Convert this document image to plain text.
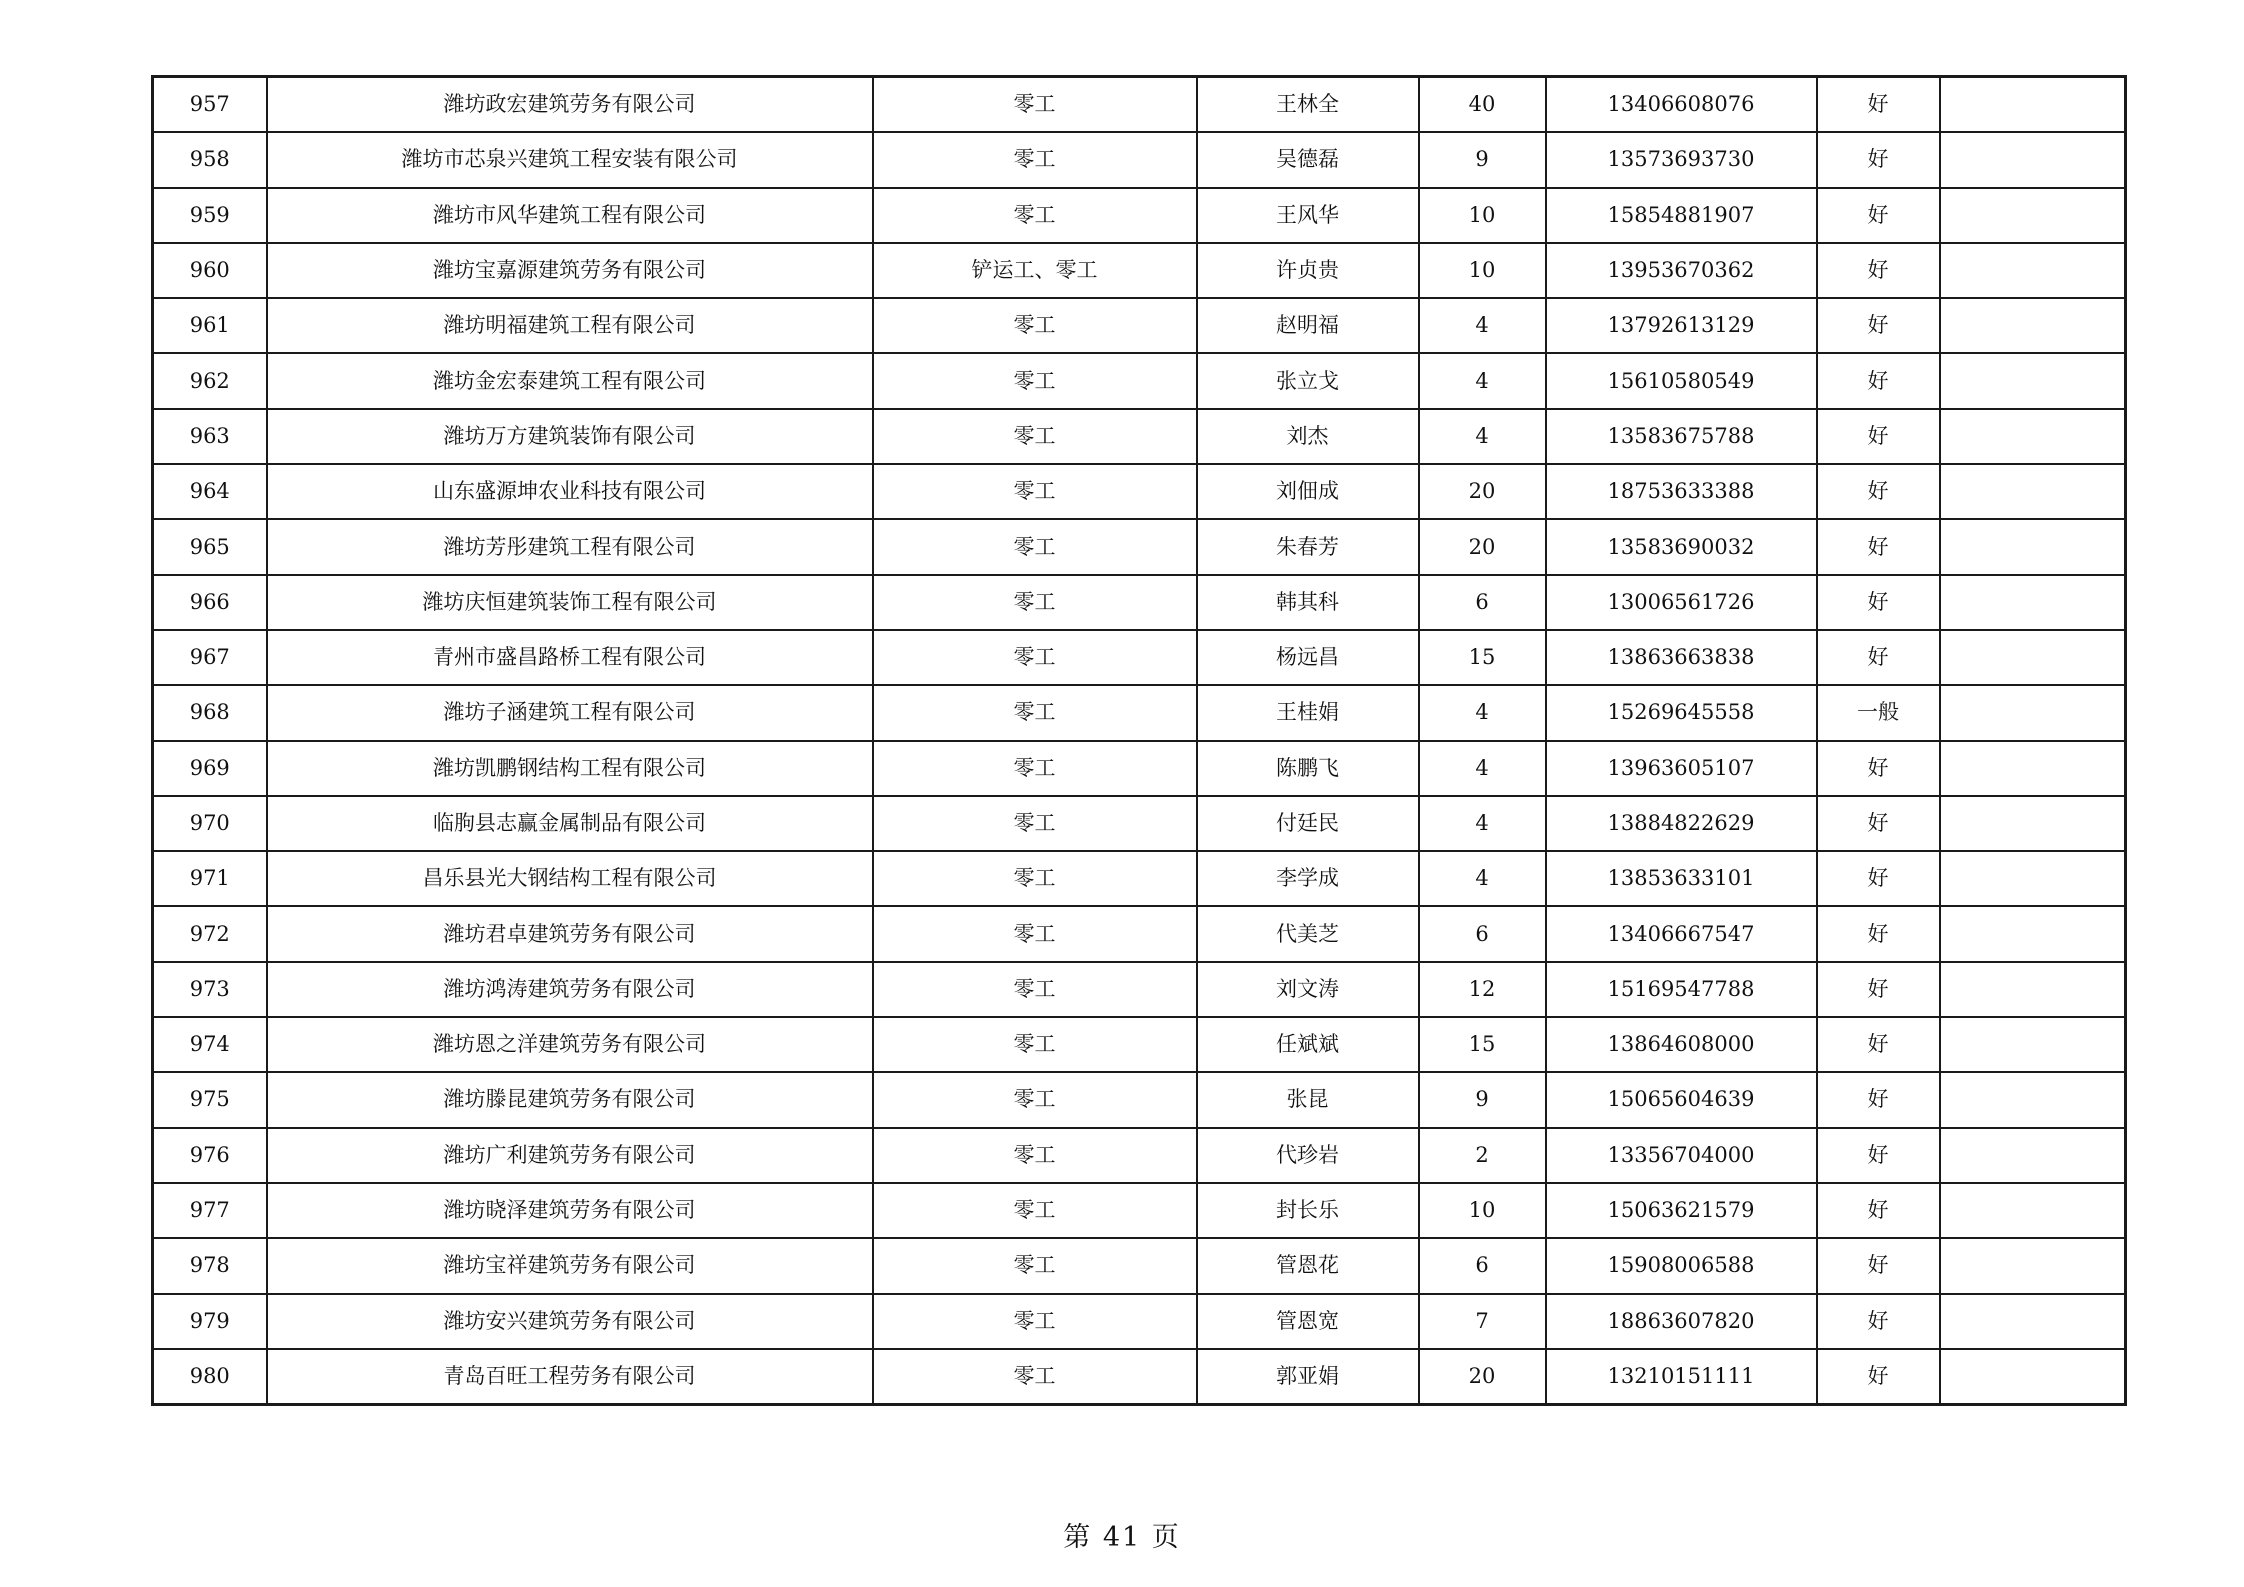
957	潍坊政宏建筑劳务有限公司	零工	王林全	40	13406608076	好	
958	潍坊市芯泉兴建筑工程安装有限公司	零工	吴德磊	9	13573693730	好	
959	潍坊市风华建筑工程有限公司	零工	王风华	10	15854881907	好	
960	潍坊宝嘉源建筑劳务有限公司	铲运工、零工	许贞贵	10	13953670362	好	
961	潍坊明福建筑工程有限公司	零工	赵明福	4	13792613129	好	
962	潍坊金宏泰建筑工程有限公司	零工	张立戈	4	15610580549	好	
963	潍坊万方建筑装饰有限公司	零工	刘杰	4	13583675788	好	
964	山东盛源坤农业科技有限公司	零工	刘佃成	20	18753633388	好	
965	潍坊芳彤建筑工程有限公司	零工	朱春芳	20	13583690032	好	
966	潍坊庆恒建筑装饰工程有限公司	零工	韩其科	6	13006561726	好	
967	青州市盛昌路桥工程有限公司	零工	杨远昌	15	13863663838	好	
968	潍坊子涵建筑工程有限公司	零工	王桂娟	4	15269645558	一般	
969	潍坊凯鹏钢结构工程有限公司	零工	陈鹏飞	4	13963605107	好	
970	临朐县志赢金属制品有限公司	零工	付廷民	4	13884822629	好	
971	昌乐县光大钢结构工程有限公司	零工	李学成	4	13853633101	好	
972	潍坊君卓建筑劳务有限公司	零工	代美芝	6	13406667547	好	
973	潍坊鸿涛建筑劳务有限公司	零工	刘文涛	12	15169547788	好	
974	潍坊恩之洋建筑劳务有限公司	零工	任斌斌	15	13864608000	好	
975	潍坊滕昆建筑劳务有限公司	零工	张昆	9	15065604639	好	
976	潍坊广利建筑劳务有限公司	零工	代珍岩	2	13356704000	好	
977	潍坊晓泽建筑劳务有限公司	零工	封长乐	10	15063621579	好	
978	潍坊宝祥建筑劳务有限公司	零工	管恩花	6	15908006588	好	
979	潍坊安兴建筑劳务有限公司	零工	管恩宽	7	18863607820	好	
980	青岛百旺工程劳务有限公司	零工	郭亚娟	20	13210151111	好	
第 41 页
